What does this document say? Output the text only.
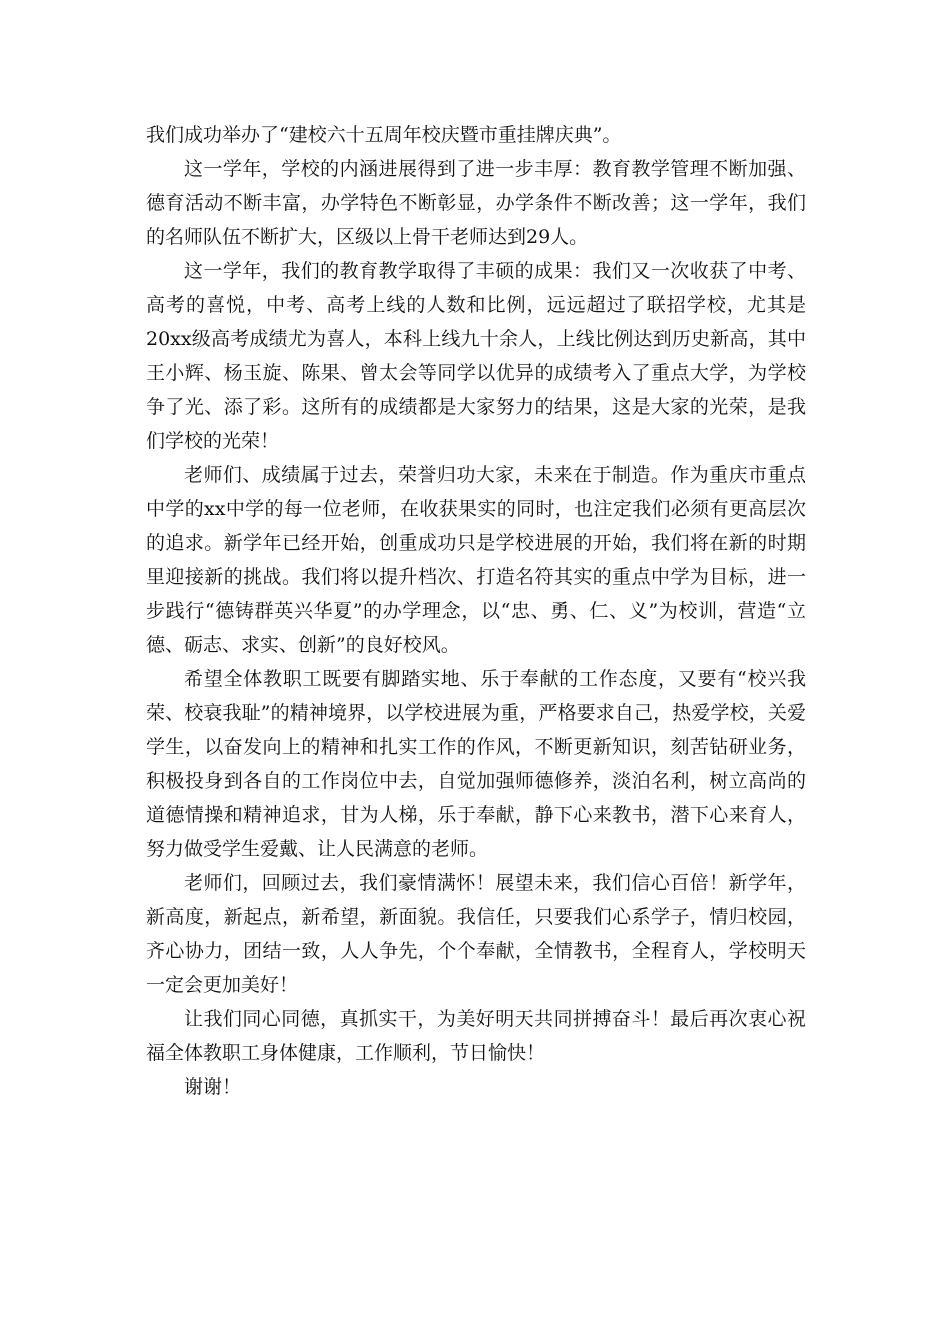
我们成功举办了“建校六十五周年校庆暨市重挂牌庆典”。

这一学年，学校的内涵进展得到了进一步丰厚：教育教学管理不断加强、德育活动不断丰富，办学特色不断彰显，办学条件不断改善；这一学年，我们的名师队伍不断扩大，区级以上骨干老师达到29人。

这一学年，我们的教育教学取得了丰硕的成果：我们又一次收获了中考、高考的喜悦，中考、高考上线的人数和比例，远远超过了联招学校，尤其是20xx级高考成绩尤为喜人，本科上线九十余人，上线比例达到历史新高，其中王小辉、杨玉旋、陈果、曾太会等同学以优异的成绩考入了重点大学，为学校争了光、添了彩。这所有的成绩都是大家努力的结果，这是大家的光荣，是我们学校的光荣！

老师们、成绩属于过去，荣誉归功大家，未来在于制造。作为重庆市重点中学的xx中学的每一位老师，在收获果实的同时，也注定我们必须有更高层次的追求。新学年已经开始，创重成功只是学校进展的开始，我们将在新的时期里迎接新的挑战。我们将以提升档次、打造名符其实的重点中学为目标，进一步践行“德铸群英兴华夏”的办学理念，以“忠、勇、仁、义”为校训，营造“立德、砺志、求实、创新”的良好校风。

希望全体教职工既要有脚踏实地、乐于奉献的工作态度，又要有“校兴我荣、校衰我耻”的精神境界，以学校进展为重，严格要求自己，热爱学校，关爱学生，以奋发向上的精神和扎实工作的作风，不断更新知识，刻苦钻研业务，积极投身到各自的工作岗位中去，自觉加强师德修养，淡泊名利，树立高尚的道德情操和精神追求，甘为人梯，乐于奉献，静下心来教书，潜下心来育人，努力做受学生爱戴、让人民满意的老师。

老师们，回顾过去，我们豪情满怀！展望未来，我们信心百倍！新学年，新高度，新起点，新希望，新面貌。我信任，只要我们心系学子，情归校园，齐心协力，团结一致，人人争先，个个奉献，全情教书，全程育人，学校明天一定会更加美好！

让我们同心同德，真抓实干，为美好明天共同拼搏奋斗！最后再次衷心祝福全体教职工身体健康，工作顺利，节日愉快！

谢谢！
